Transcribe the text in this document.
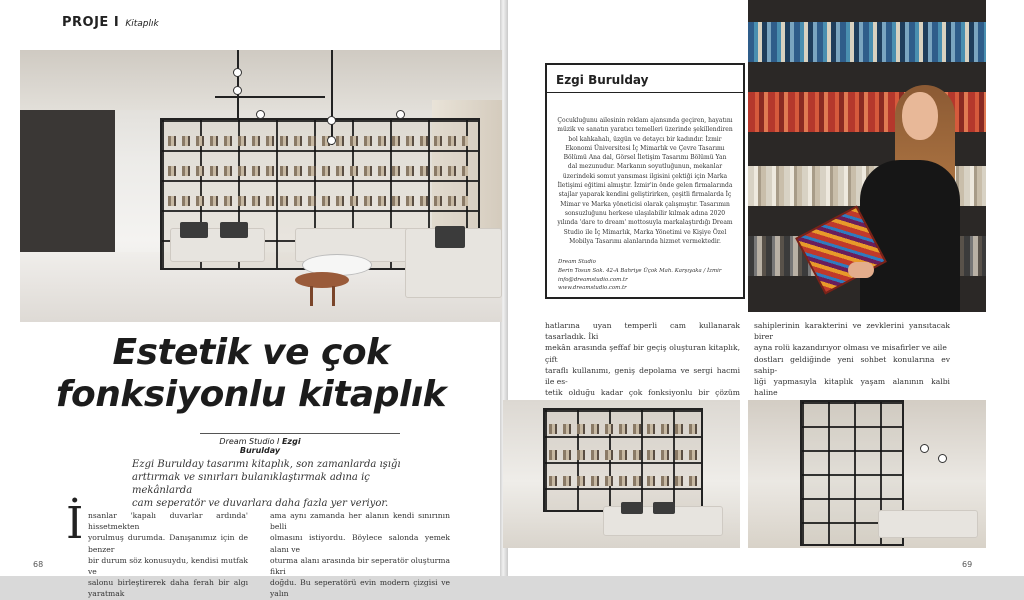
PROJE I Kitaplık
Estetik ve çok
fonksiyonlu kitaplık
Dream Studio I Ezgi Burulday
Ezgi Burulday tasarımı kitaplık, son zamanlarda ışığı
arttırmak ve sınırları bulanıklaştırmak adına iç mekânlarda
cam seperatör ve duvarlara daha fazla yer veriyor.
İ nsanlar 'kapalı duvarlar ardında' hissetmekten
yorulmuş durumda. Danışanımız için de benzer
bir durum söz konusuydu, kendisi mutfak ve
salonu birleştirerek daha ferah bir algı yaratmak
ama aynı zamanda her alanın kendi sınırının belli
olmasını istiyordu. Böylece salonda yemek alanı ve
oturma alanı arasında bir seperatör oluşturma fikri
doğdu. Bu seperatörü evin modern çizgisi ve yalın
68
Ezgi Burulday
Çocukluğunu ailesinin reklam ajansında geçiren, hayatını
müzik ve sanatın yaratıcı temelleri üzerinde şekillendiren
bol kahkahalı, üzgün ve detaycı bir kadındır. İzmir
Ekonomi Üniversitesi İç Mimarlık ve Çevre Tasarımı
Bölümü Ana dal, Görsel İletişim Tasarımı Bölümü Yan
dal mezunudur. Markanın soyutluğunun, mekanlar
üzerindeki somut yansıması ilgisini çektiği için Marka
İletişimi eğitimi almıştır. İzmir'in önde gelen firmalarında
stajlar yaparak kendini geliştirirken, çeşitli firmalarda İç
Mimar ve Marka yöneticisi olarak çalışmıştır. Tasarımın
sonsuzluğunu herkese ulaşılabilir kılmak adına 2020
yılında 'dare to dream' mottosuyla markalaştırdığı Dream
Studio ile İç Mimarlık, Marka Yönetimi ve Kişiye Özel
Mobilya Tasarımı alanlarında hizmet vermektedir.
Dream Studio
Berin Tosun Sok. 42-A Bahriye Üçok Mah. Karşıyaka / İzmir
info@dreamstudio.com.tr
www.dreamstudio.com.tr
hatlarına uyan temperli cam kullanarak tasarladık. İki
mekân arasında şeffaf bir geçiş oluşturan kitaplık, çift
taraflı kullanımı, geniş depolama ve sergi hacmi ile es-
tetik olduğu kadar çok fonksiyonlu bir çözüm
sahiplerinin karakterini ve zevklerini yansıtacak birer
ayna rolü kazandırıyor olması ve misafirler ve aile
dostları geldiğinde yeni sohbet konularına ev sahip-
liği yapmasıyla kitaplık yaşam alanının kalbi haline
69
